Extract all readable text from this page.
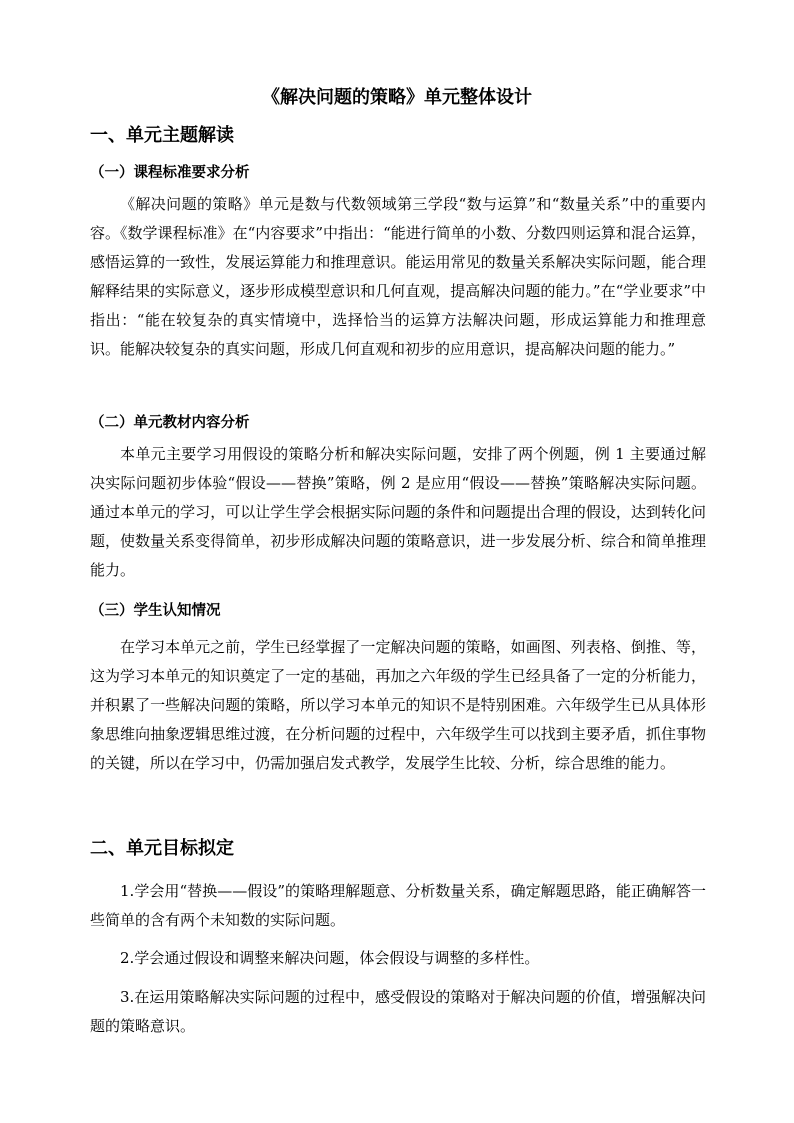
《解决问题的策略》单元整体设计
一、单元主题解读
（一）课程标准要求分析

《解决问题的策略》单元是数与代数领域第三学段“数与运算”和“数量关系”中的重要内容。《数学课程标准》在“内容要求”中指出：“能进行简单的小数、分数四则运算和混合运算，感悟运算的一致性，发展运算能力和推理意识。能运用常见的数量关系解决实际问题，能合理解释结果的实际意义，逐步形成模型意识和几何直观，提高解决问题的能力。”在“学业要求”中指出：“能在较复杂的真实情境中，选择恰当的运算方法解决问题，形成运算能力和推理意识。能解决较复杂的真实问题，形成几何直观和初步的应用意识，提高解决问题的能力。”

（二）单元教材内容分析

本单元主要学习用假设的策略分析和解决实际问题，安排了两个例题，例 1 主要通过解决实际问题初步体验“假设——替换”策略，例 2 是应用“假设——替换”策略解决实际问题。通过本单元的学习，可以让学生学会根据实际问题的条件和问题提出合理的假设，达到转化问题，使数量关系变得简单，初步形成解决问题的策略意识，进一步发展分析、综合和简单推理能力。

（三）学生认知情况

在学习本单元之前，学生已经掌握了一定解决问题的策略，如画图、列表格、倒推、等，这为学习本单元的知识奠定了一定的基础，再加之六年级的学生已经具备了一定的分析能力，并积累了一些解决问题的策略，所以学习本单元的知识不是特别困难。六年级学生已从具体形象思维向抽象逻辑思维过渡，在分析问题的过程中，六年级学生可以找到主要矛盾，抓住事物的关键，所以在学习中，仍需加强启发式教学，发展学生比较、分析，综合思维的能力。

二、单元目标拟定

1.学会用“替换——假设”的策略理解题意、分析数量关系，确定解题思路，能正确解答一些简单的含有两个未知数的实际问题。

2.学会通过假设和调整来解决问题，体会假设与调整的多样性。

3.在运用策略解决实际问题的过程中，感受假设的策略对于解决问题的价值，增强解决问题的策略意识。
